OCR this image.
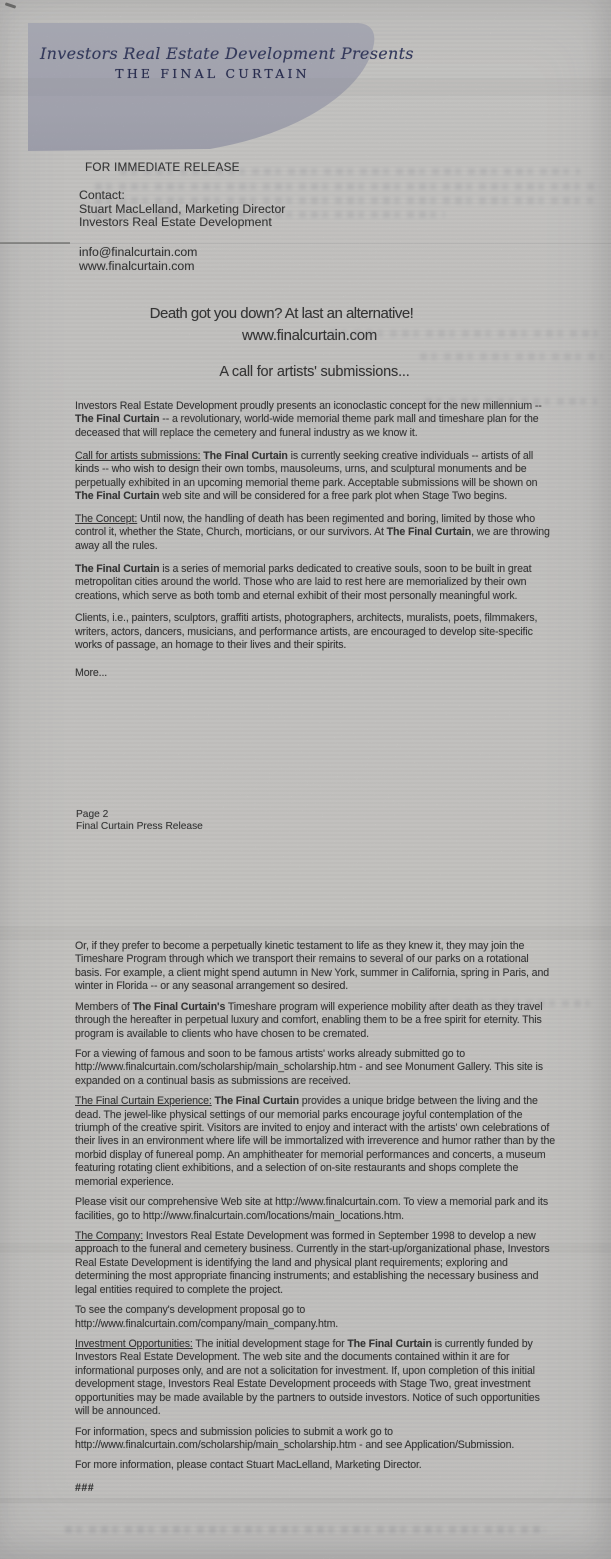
Investors Real Estate Development Presents
THE FINAL CURTAIN
FOR IMMEDIATE RELEASE
Contact:
Stuart MacLelland, Marketing Director
Investors Real Estate Development
info@finalcurtain.com
www.finalcurtain.com
Death got you down? At last an alternative!
www.finalcurtain.com
A call for artists' submissions...

Investors Real Estate Development proudly presents an iconoclastic concept for the new millennium -- The Final Curtain -- a revolutionary, world-wide memorial theme park mall and timeshare plan for the deceased that will replace the cemetery and funeral industry as we know it.

Call for artists submissions: The Final Curtain is currently seeking creative individuals -- artists of all kinds -- who wish to design their own tombs, mausoleums, urns, and sculptural monuments and be perpetually exhibited in an upcoming memorial theme park. Acceptable submissions will be shown on The Final Curtain web site and will be considered for a free park plot when Stage Two begins.

The Concept: Until now, the handling of death has been regimented and boring, limited by those who control it, whether the State, Church, morticians, or our survivors. At The Final Curtain, we are throwing away all the rules.

The Final Curtain is a series of memorial parks dedicated to creative souls, soon to be built in great metropolitan cities around the world. Those who are laid to rest here are memorialized by their own creations, which serve as both tomb and eternal exhibit of their most personally meaningful work.

Clients, i.e., painters, sculptors, graffiti artists, photographers, architects, muralists, poets, filmmakers, writers, actors, dancers, musicians, and performance artists, are encouraged to develop site-specific works of passage, an homage to their lives and their spirits.

More...

Page 2
Final Curtain Press Release

Or, if they prefer to become a perpetually kinetic testament to life as they knew it, they may join the Timeshare Program through which we transport their remains to several of our parks on a rotational basis. For example, a client might spend autumn in New York, summer in California, spring in Paris, and winter in Florida -- or any seasonal arrangement so desired.

Members of The Final Curtain's Timeshare program will experience mobility after death as they travel through the hereafter in perpetual luxury and comfort, enabling them to be a free spirit for eternity. This program is available to clients who have chosen to be cremated.

For a viewing of famous and soon to be famous artists' works already submitted go to http://www.finalcurtain.com/scholarship/main_scholarship.htm - and see Monument Gallery. This site is expanded on a continual basis as submissions are received.

The Final Curtain Experience: The Final Curtain provides a unique bridge between the living and the dead. The jewel-like physical settings of our memorial parks encourage joyful contemplation of the triumph of the creative spirit. Visitors are invited to enjoy and interact with the artists' own celebrations of their lives in an environment where life will be immortalized with irreverence and humor rather than by the morbid display of funereal pomp. An amphitheater for memorial performances and concerts, a museum featuring rotating client exhibitions, and a selection of on-site restaurants and shops complete the memorial experience.

Please visit our comprehensive Web site at http://www.finalcurtain.com. To view a memorial park and its facilities, go to http://www.finalcurtain.com/locations/main_locations.htm.

The Company: Investors Real Estate Development was formed in September 1998 to develop a new approach to the funeral and cemetery business. Currently in the start-up/organizational phase, Investors Real Estate Development is identifying the land and physical plant requirements; exploring and determining the most appropriate financing instruments; and establishing the necessary business and legal entities required to complete the project.

To see the company's development proposal go to http://www.finalcurtain.com/company/main_company.htm.

Investment Opportunities: The initial development stage for The Final Curtain is currently funded by Investors Real Estate Development. The web site and the documents contained within it are for informational purposes only, and are not a solicitation for investment. If, upon completion of this initial development stage, Investors Real Estate Development proceeds with Stage Two, great investment opportunities may be made available by the partners to outside investors. Notice of such opportunities will be announced.

For information, specs and submission policies to submit a work go to http://www.finalcurtain.com/scholarship/main_scholarship.htm - and see Application/Submission.

For more information, please contact Stuart MacLelland, Marketing Director.

###
